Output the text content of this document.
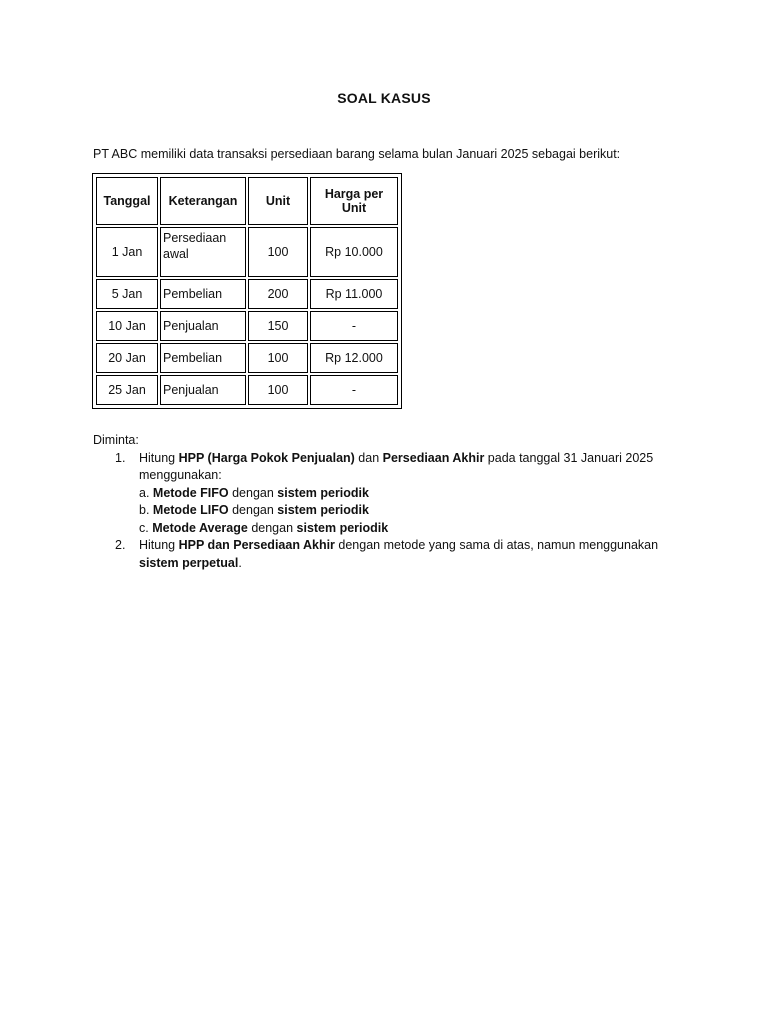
SOAL KASUS
PT ABC memiliki data transaksi persediaan barang selama bulan Januari 2025 sebagai berikut:
Tanggal	Keterangan	Unit	Harga per Unit
1 Jan	Persediaan awal	100	Rp 10.000
5 Jan	Pembelian	200	Rp 11.000
10 Jan	Penjualan	150	-
20 Jan	Pembelian	100	Rp 12.000
25 Jan	Penjualan	100	-

Diminta:

1. Hitung HPP (Harga Pokok Penjualan) dan Persediaan Akhir pada tanggal 31 Januari 2025 menggunakan:
a. Metode FIFO dengan sistem periodik
b. Metode LIFO dengan sistem periodik
c. Metode Average dengan sistem periodik
2. Hitung HPP dan Persediaan Akhir dengan metode yang sama di atas, namun menggunakan sistem perpetual.
